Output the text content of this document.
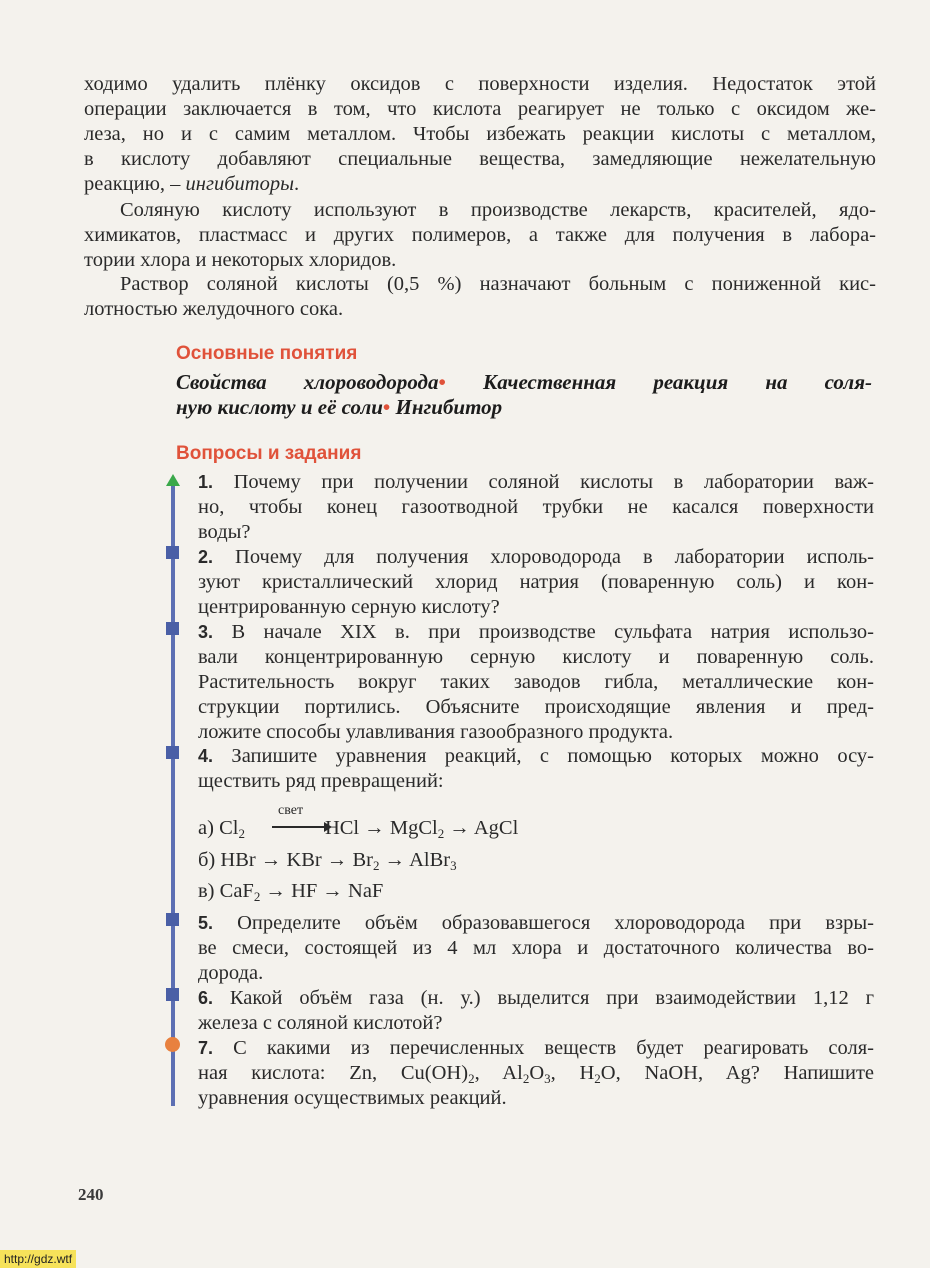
ходимо удалить плёнку оксидов с поверхности изделия. Недостаток этой
операции заключается в том, что кислота реагирует не только с оксидом же-
леза, но и с самим металлом. Чтобы избежать реакции кислоты с металлом,
в кислоту добавляют специальные вещества, замедляющие нежелательную
реакцию, – ингибиторы.
Соляную кислоту используют в производстве лекарств, красителей, ядо-
химикатов, пластмасс и других полимеров, а также для получения в лабора-
тории хлора и некоторых хлоридов.
Раствор соляной кислоты (0,5 %) назначают больным с пониженной кис-
лотностью желудочного сока.
Основные понятия
Свойства хлороводорода• Качественная реакция на соля-
ную кислоту и её соли• Ингибитор
Вопросы и задания
1. Почему при получении соляной кислоты в лаборатории важ-
но, чтобы конец газоотводной трубки не касался поверхности
воды?
2. Почему для получения хлороводорода в лаборатории исполь-
зуют кристаллический хлорид натрия (поваренную соль) и кон-
центрированную серную кислоту?
3. В начале XIX в. при производстве сульфата натрия использо-
вали концентрированную серную кислоту и поваренную соль.
Растительность вокруг таких заводов гибла, металлические кон-
струкции портились. Объясните происходящие явления и пред-
ложите способы улавливания газообразного продукта.
4. Запишите уравнения реакций, с помощью которых можно осу-
ществить ряд превращений:
свет
а) $Cl_2$	HCl → MgCl$_2$ → AgCl
б) HBr → KBr → $Br_2$ → AlBr$_3$
в) CaF$_2$ → HF → NaF
5. Определите объём образовавшегося хлороводорода при взры-
ве смеси, состоящей из 4 мл хлора и достаточного количества во-
дорода.
6. Какой объём газа (н. у.) выделится при взаимодействии 1,12 г
железа с соляной кислотой?
7. С какими из перечисленных веществ будет реагировать соля-
ная кислота: Zn, $Cu(OH)_2$, $Al_2O_3$, $H_2O$, NaOH, Ag? Напишите
уравнения осуществимых реакций.
240
http://gdz.wtf
